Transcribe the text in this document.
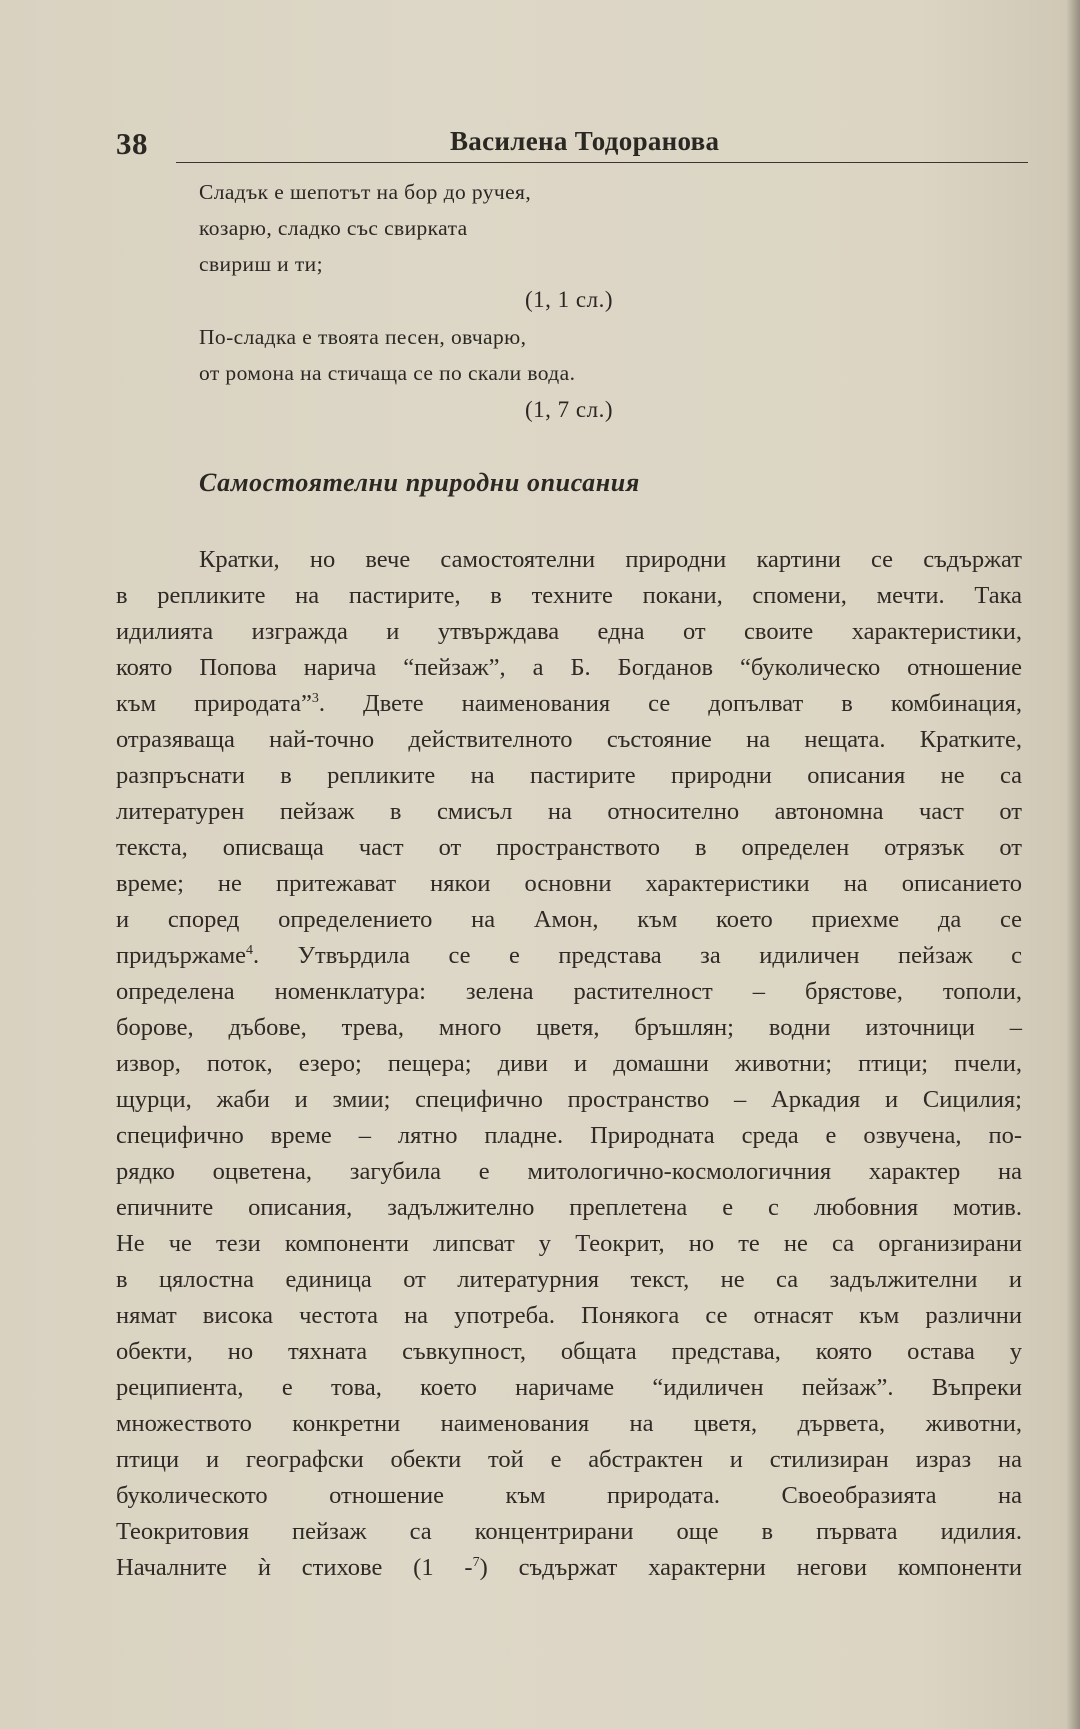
38	Василена Тодоранова
Сладък е шепотът на бор до ручея,
козарю, сладко със свирката
свириш и ти;
(1, 1 сл.)
По-сладка е твоята песен, овчарю,
от ромона на стичаща се по скали вода.
(1, 7 сл.)
Самостоятелни природни описания
Кратки, но вече самостоятелни природни картини се съдържат
в репликите на пастирите, в техните покани, спомени, мечти. Така
идилията изгражда и утвърждава една от своите характеристики,
която Попова нарича “пейзаж”, а Б. Богданов “буколическо отношение
към природата”$^3$. Двете наименования се допълват в комбинация,
отразяваща най-точно действителното състояние на нещата. Кратките,
разпръснати в репликите на пастирите природни описания не са
литературен пейзаж в смисъл на относително автономна част от
текста, описваща част от пространството в определен отрязък от
време; не притежават някои основни характеристики на описанието
и според определението на Амон, към което приехме да се
придържаме$^4$. Утвърдила се е представа за идиличен пейзаж с
определена номенклатура: зелена растителност – брястове, тополи,
борове, дъбове, трева, много цветя, бръшлян; водни източници –
извор, поток, езеро; пещера; диви и домашни животни; птици; пчели,
щурци, жаби и змии; специфично пространство – Аркадия и Сицилия;
специфично време – лятно пладне. Природната среда е озвучена, по-
рядко оцветена, загубила е митологично-космологичния характер на
епичните описания, задължително преплетена е с любовния мотив.
Не че тези компоненти липсват у Теокрит, но те не са организирани
в цялостна единица от литературния текст, не са задължителни и
нямат висока честота на употреба. Понякога се отнасят към различни
обекти, но тяхната съвкупност, общата представа, която остава у
реципиента, е това, което наричаме “идиличен пейзаж”. Въпреки
множеството конкретни наименования на цветя, дървета, животни,
птици и географски обекти той е абстрактен и стилизиран израз на
буколическото отношение към природата. Своеобразията на
Теокритовия пейзаж са концентрирани още в първата идилия.
Началните ѝ стихове (1 -$^7$) съдържат характерни негови компоненти
